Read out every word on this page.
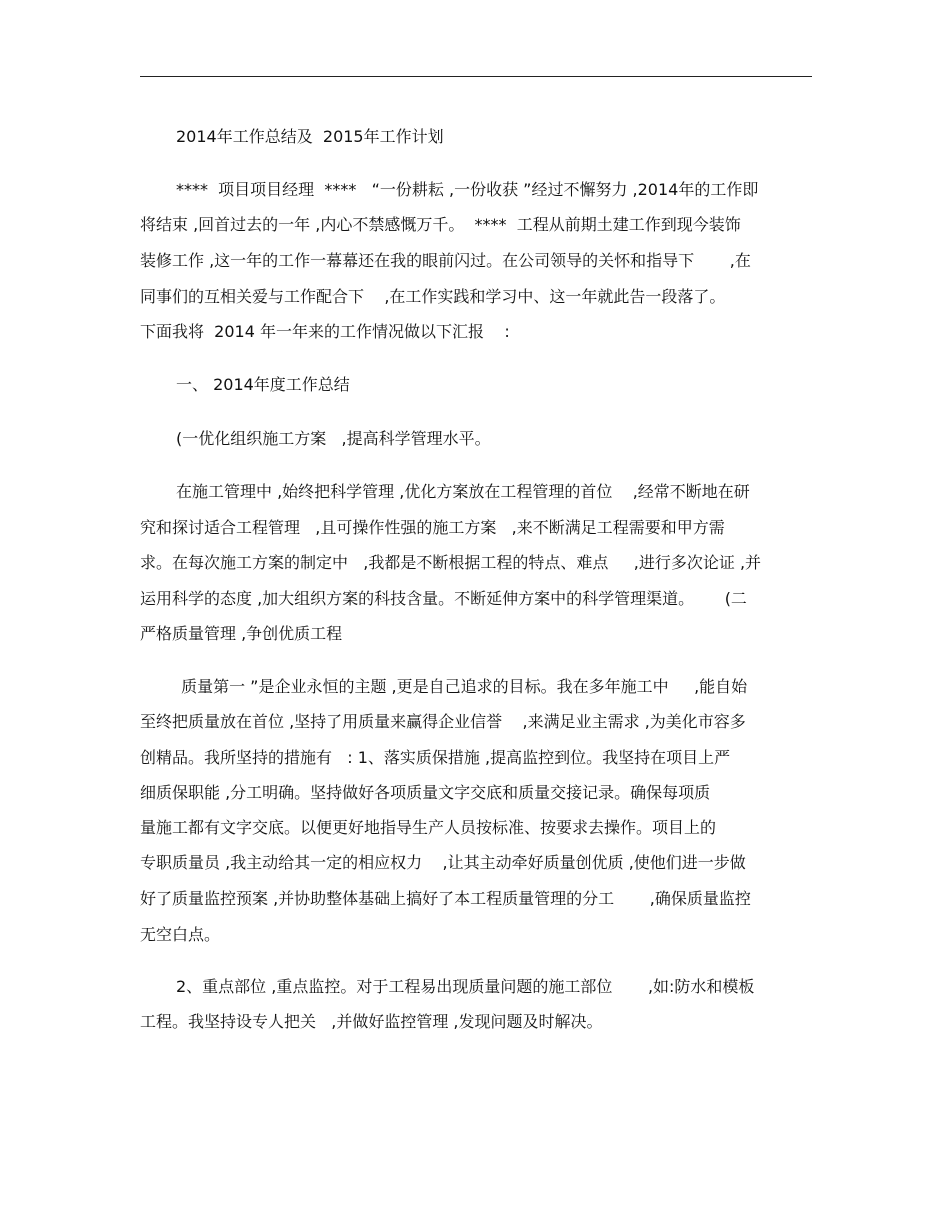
2014年工作总结及  2015年工作计划
****  项目项目经理  ****   “一份耕耘 ,一份收获 ”经过不懈努力 ,2014年的工作即
将结束 ,回首过去的一年 ,内心不禁感慨万千。  ****  工程从前期土建工作到现今装饰
装修工作 ,这一年的工作一幕幕还在我的眼前闪过。在公司领导的关怀和指导下       ,在
同事们的互相关爱与工作配合下    ,在工作实践和学习中、这一年就此告一段落了。
下面我将  2014 年一年来的工作情况做以下汇报    :
一、 2014年度工作总结
(一优化组织施工方案   ,提高科学管理水平。
在施工管理中 ,始终把科学管理 ,优化方案放在工程管理的首位    ,经常不断地在研
究和探讨适合工程管理   ,且可操作性强的施工方案   ,来不断满足工程需要和甲方需
求。在每次施工方案的制定中   ,我都是不断根据工程的特点、难点     ,进行多次论证 ,并
运用科学的态度 ,加大组织方案的科技含量。不断延伸方案中的科学管理渠道。      (二
严格质量管理 ,争创优质工程
质量第一 ”是企业永恒的主题 ,更是自己追求的目标。我在多年施工中     ,能自始
至终把质量放在首位 ,坚持了用质量来赢得企业信誉    ,来满足业主需求 ,为美化市容多
创精品。我所坚持的措施有   : 1、落实质保措施 ,提高监控到位。我坚持在项目上严
细质保职能 ,分工明确。坚持做好各项质量文字交底和质量交接记录。确保每项质
量施工都有文字交底。以便更好地指导生产人员按标准、按要求去操作。项目上的
专职质量员 ,我主动给其一定的相应权力    ,让其主动牵好质量创优质 ,使他们进一步做
好了质量监控预案 ,并协助整体基础上搞好了本工程质量管理的分工       ,确保质量监控
无空白点。
2、重点部位 ,重点监控。对于工程易出现质量问题的施工部位       ,如:防水和模板
工程。我坚持设专人把关   ,并做好监控管理 ,发现问题及时解决。
